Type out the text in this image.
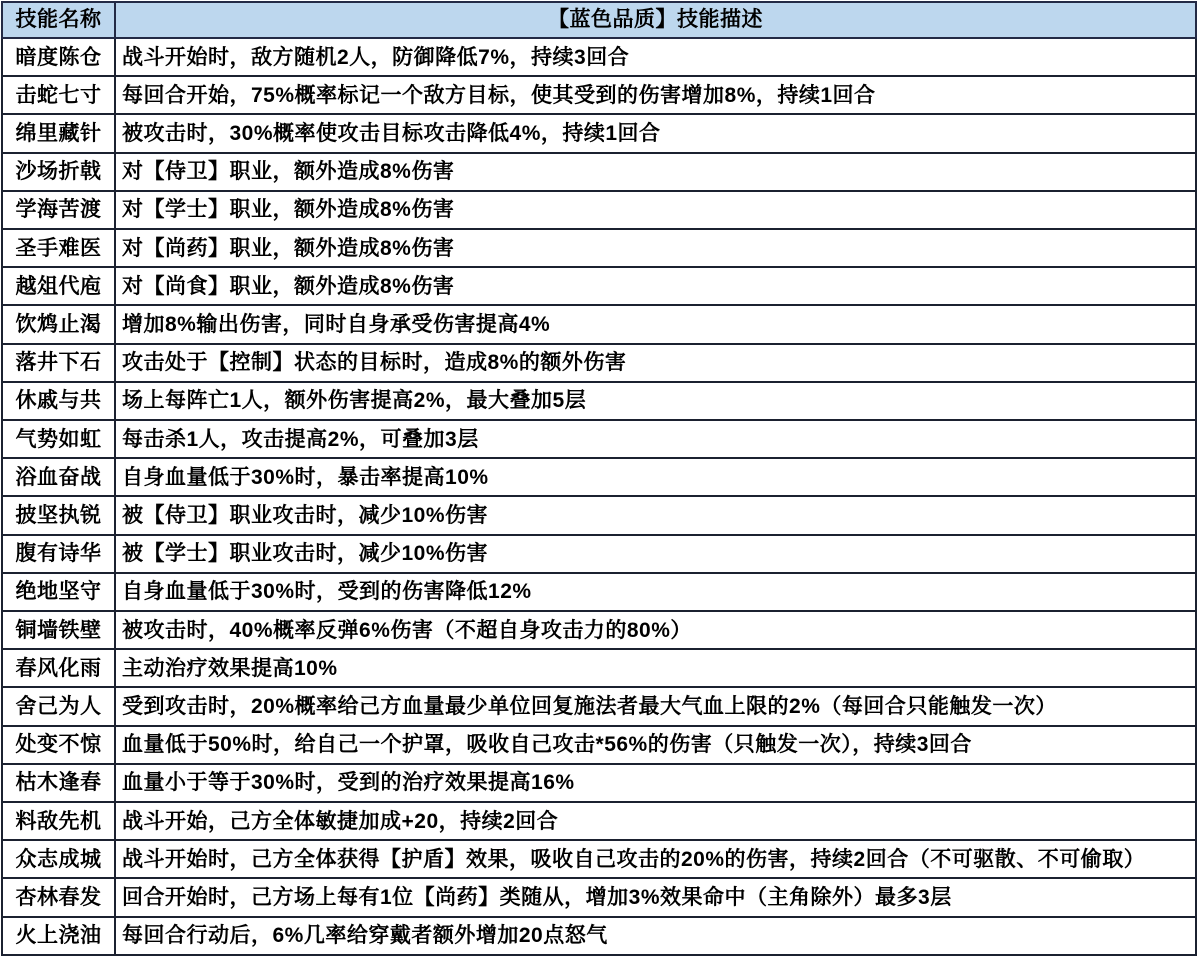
技能名称	【蓝色品质】技能描述
暗度陈仓	战斗开始时，敌方随机2人，防御降低7%，持续3回合
击蛇七寸	每回合开始，75%概率标记一个敌方目标，使其受到的伤害增加8%，持续1回合
绵里藏针	被攻击时，30%概率使攻击目标攻击降低4%，持续1回合
沙场折戟	对【侍卫】职业，额外造成8%伤害
学海苦渡	对【学士】职业，额外造成8%伤害
圣手难医	对【尚药】职业，额外造成8%伤害
越俎代庖	对【尚食】职业，额外造成8%伤害
饮鸩止渴	增加8%输出伤害，同时自身承受伤害提高4%
落井下石	攻击处于【控制】状态的目标时，造成8%的额外伤害
休戚与共	场上每阵亡1人，额外伤害提高2%，最大叠加5层
气势如虹	每击杀1人，攻击提高2%，可叠加3层
浴血奋战	自身血量低于30%时，暴击率提高10%
披坚执锐	被【侍卫】职业攻击时，减少10%伤害
腹有诗华	被【学士】职业攻击时，减少10%伤害
绝地坚守	自身血量低于30%时，受到的伤害降低12%
铜墙铁壁	被攻击时，40%概率反弹6%伤害（不超自身攻击力的80%）
春风化雨	主动治疗效果提高10%
舍己为人	受到攻击时，20%概率给己方血量最少单位回复施法者最大气血上限的2%（每回合只能触发一次）
处变不惊	血量低于50%时，给自己一个护罩，吸收自己攻击*56%的伤害（只触发一次），持续3回合
枯木逢春	血量小于等于30%时，受到的治疗效果提高16%
料敌先机	战斗开始，己方全体敏捷加成+20，持续2回合
众志成城	战斗开始时，己方全体获得【护盾】效果，吸收自己攻击的20%的伤害，持续2回合（不可驱散、不可偷取）
杏林春发	回合开始时，己方场上每有1位【尚药】类随从，增加3%效果命中（主角除外）最多3层
火上浇油	每回合行动后，6%几率给穿戴者额外增加20点怒气
